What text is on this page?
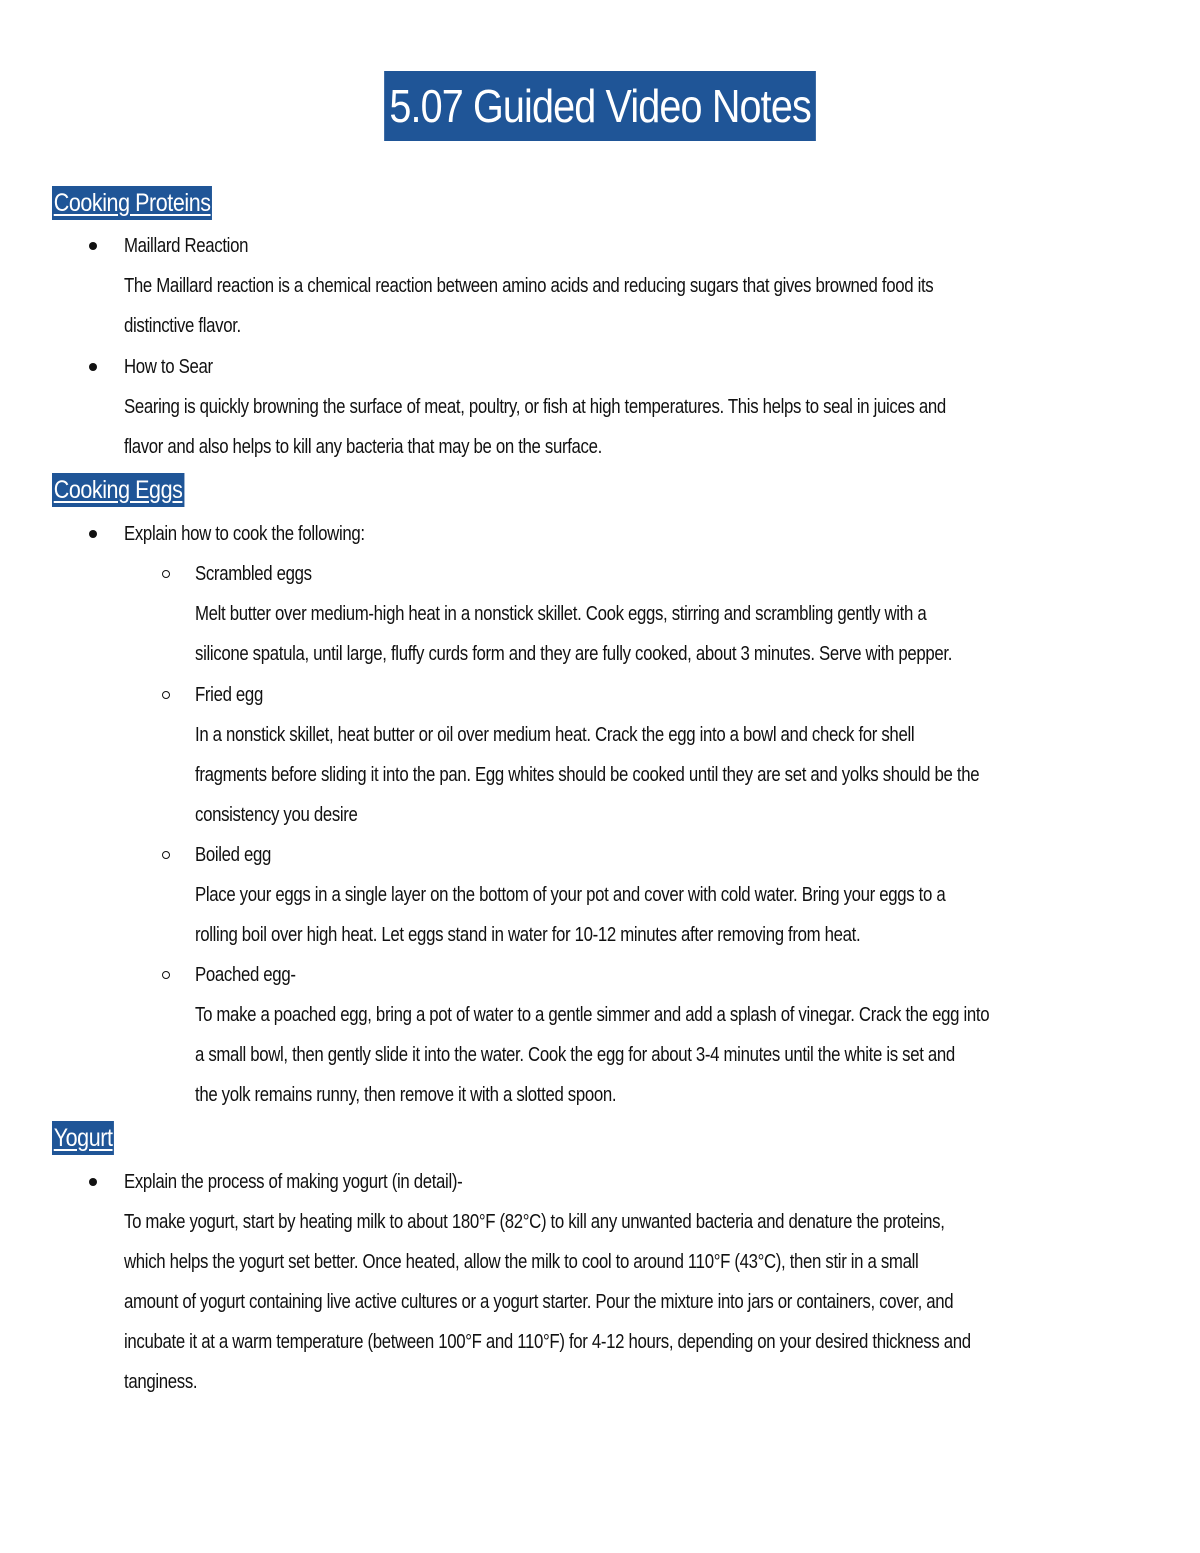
5.07 Guided Video Notes
Cooking Proteins
Maillard Reaction
The Maillard reaction is a chemical reaction between amino acids and reducing sugars that gives browned food its
distinctive flavor.
How to Sear
Searing is quickly browning the surface of meat, poultry, or fish at high temperatures. This helps to seal in juices and
flavor and also helps to kill any bacteria that may be on the surface.
Cooking Eggs
Explain how to cook the following:
Scrambled eggs
Melt butter over medium-high heat in a nonstick skillet. Cook eggs, stirring and scrambling gently with a
silicone spatula, until large, fluffy curds form and they are fully cooked, about 3 minutes. Serve with pepper.
Fried egg
In a nonstick skillet, heat butter or oil over medium heat. Crack the egg into a bowl and check for shell
fragments before sliding it into the pan. Egg whites should be cooked until they are set and yolks should be the
consistency you desire
Boiled egg
Place your eggs in a single layer on the bottom of your pot and cover with cold water. Bring your eggs to a
rolling boil over high heat. Let eggs stand in water for 10-12 minutes after removing from heat.
Poached egg-
To make a poached egg, bring a pot of water to a gentle simmer and add a splash of vinegar. Crack the egg into
a small bowl, then gently slide it into the water. Cook the egg for about 3-4 minutes until the white is set and
the yolk remains runny, then remove it with a slotted spoon.
Yogurt
Explain the process of making yogurt (in detail)-
To make yogurt, start by heating milk to about 180°F (82°C) to kill any unwanted bacteria and denature the proteins,
which helps the yogurt set better. Once heated, allow the milk to cool to around 110°F (43°C), then stir in a small
amount of yogurt containing live active cultures or a yogurt starter. Pour the mixture into jars or containers, cover, and
incubate it at a warm temperature (between 100°F and 110°F) for 4-12 hours, depending on your desired thickness and
tanginess.
